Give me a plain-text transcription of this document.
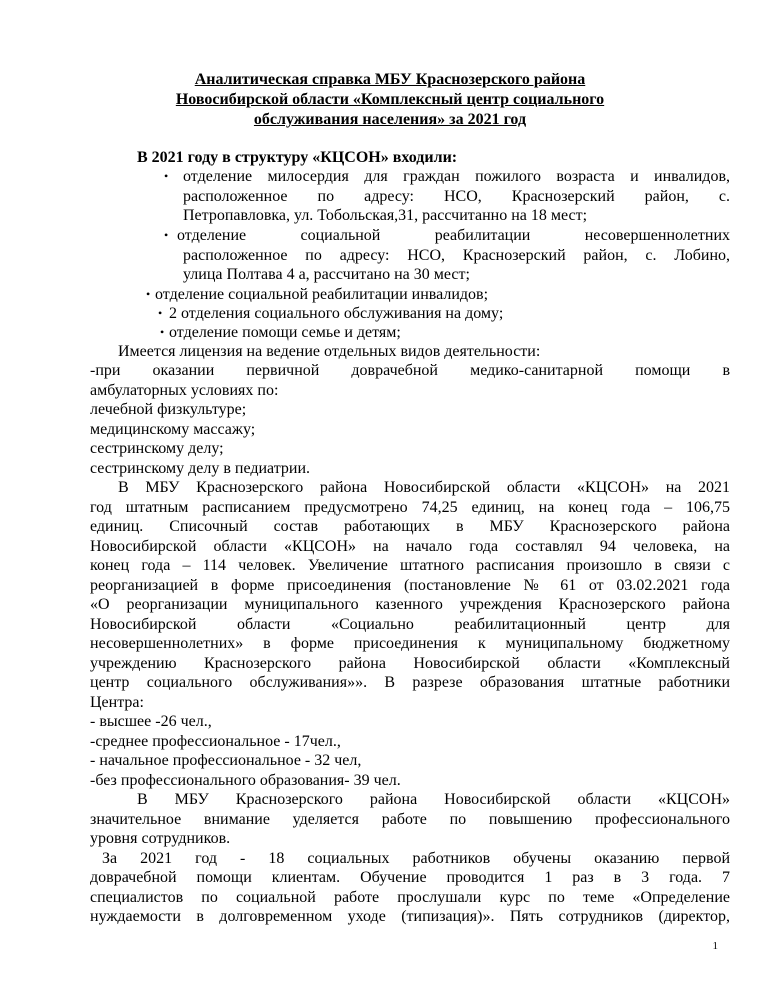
Аналитическая справка МБУ Краснозерского района
Новосибирской области «Комплексный центр социального
обслуживания населения» за 2021 год
В 2021 году в структуру «КЦСОН» входили:
• отделение милосердия для граждан пожилого возраста и инвалидов,
расположенное по адресу: НСО, Краснозерский район, с.
Петропавловка, ул. Тобольская,31, рассчитанно на 18 мест;
• отделение социальной реабилитации несовершеннолетних
расположенное по адресу: НСО, Краснозерский район, с. Лобино,
улица Полтава 4 а, рассчитано на 30 мест;
• отделение социальной реабилитации инвалидов;
• 2 отделения социального обслуживания на дому;
• отделение помощи семье и детям;
Имеется лицензия на ведение отдельных видов деятельности:
-при оказании первичной доврачебной медико-санитарной помощи в
амбулаторных условиях по:
лечебной физкультуре;
медицинскому массажу;
сестринскому делу;
сестринскому делу в педиатрии.
В МБУ Краснозерского района Новосибирской области «КЦСОН» на 2021
год штатным расписанием предусмотрено 74,25 единиц, на конец года – 106,75
единиц. Списочный состав работающих в МБУ Краснозерского района
Новосибирской области «КЦСОН» на начало года составлял 94 человека, на
конец года – 114 человек. Увеличение штатного расписания произошло в связи с
реорганизацией в форме присоединения (постановление № 61 от 03.02.2021 года
«О реорганизации муниципального казенного учреждения Краснозерского района
Новосибирской области «Социально реабилитационный центр для
несовершеннолетних» в форме присоединения к муниципальному бюджетному
учреждению Краснозерского района Новосибирской области «Комплексный
центр социального обслуживания»». В разрезе образования штатные работники
Центра:
- высшее -26 чел.,
-среднее профессиональное - 17чел.,
- начальное профессиональное - 32 чел,
-без профессионального образования- 39 чел.
В МБУ Краснозерского района Новосибирской области «КЦСОН»
значительное внимание уделяется работе по повышению профессионального
уровня сотрудников.
За 2021 год - 18 социальных работников обучены оказанию первой
доврачебной помощи клиентам. Обучение проводится 1 раз в 3 года. 7
специалистов по социальной работе прослушали курс по теме «Определение
нуждаемости в долговременном уходе (типизация)». Пять сотрудников (директор,
1
